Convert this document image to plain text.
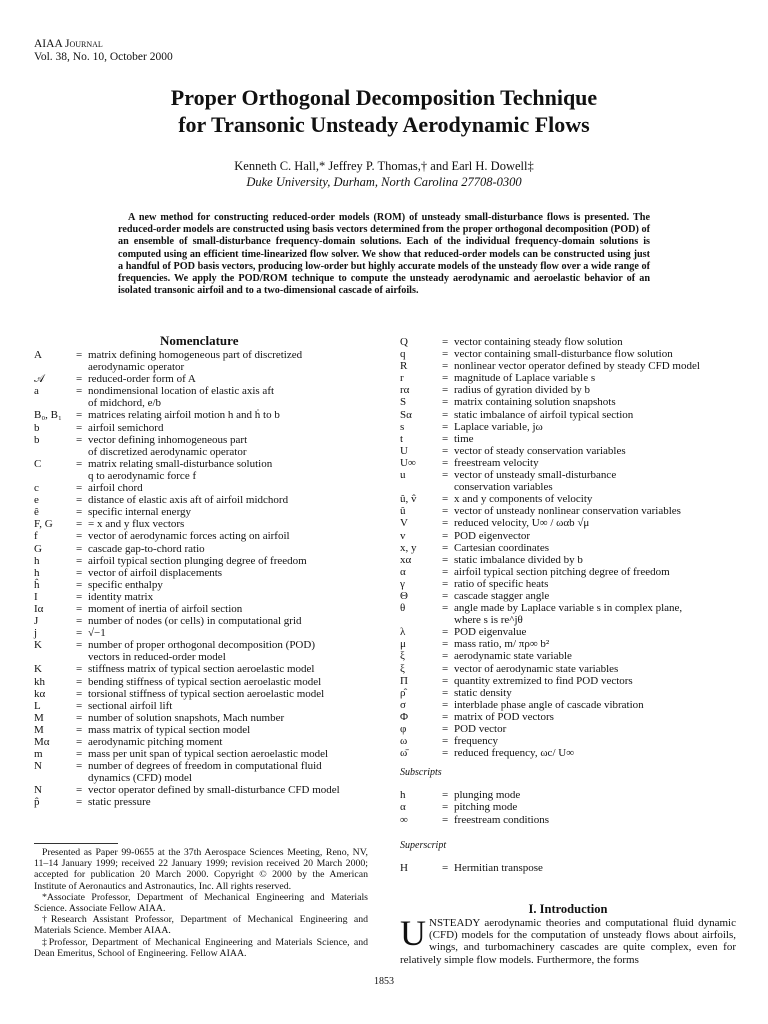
AIAA Journal
Vol. 38, No. 10, October 2000
Proper Orthogonal Decomposition Technique
for Transonic Unsteady Aerodynamic Flows
Kenneth C. Hall,* Jeffrey P. Thomas,† and Earl H. Dowell‡
Duke University, Durham, North Carolina 27708-0300
A new method for constructing reduced-order models (ROM) of unsteady small-disturbance flows is presented. The reduced-order models are constructed using basis vectors determined from the proper orthogonal decomposition (POD) of an ensemble of small-disturbance frequency-domain solutions. Each of the individual frequency-domain solutions is computed using an efficient time-linearized flow solver. We show that reduced-order models can be constructed using just a handful of POD basis vectors, producing low-order but highly accurate models of the unsteady flow over a wide range of frequencies. We apply the POD/ROM technique to compute the unsteady aerodynamic and aeroelastic behavior of an isolated transonic airfoil and to a two-dimensional cascade of airfoils.
Nomenclature
A	= matrix defining homogeneous part of discretized
aerodynamic operator
𝒜	= reduced-order form of A
a	= nondimensional location of elastic axis aft
of midchord, e/b
B₀, B₁	= matrices relating airfoil motion h and ḣ to b
b	= airfoil semichord
b	= vector defining inhomogeneous part
of discretized aerodynamic operator
C	= matrix relating small-disturbance solution
q to aerodynamic force f
c	= airfoil chord
e	= distance of elastic axis aft of airfoil midchord
ê	= specific internal energy
F, G	= = x and y flux vectors
f	= vector of aerodynamic forces acting on airfoil
G	= cascade gap-to-chord ratio
h	= airfoil typical section plunging degree of freedom
h	= vector of airfoil displacements
ĥ	= specific enthalpy
I	= identity matrix
Iα	= moment of inertia of airfoil section
J	= number of nodes (or cells) in computational grid
j	= √−1
K	= number of proper orthogonal decomposition (POD)
vectors in reduced-order model
K	= stiffness matrix of typical section aeroelastic model
kh	= bending stiffness of typical section aeroelastic model
kα	= torsional stiffness of typical section aeroelastic model
L	= sectional airfoil lift
M	= number of solution snapshots, Mach number
M	= mass matrix of typical section model
Mα	= aerodynamic pitching moment
m	= mass per unit span of typical section aeroelastic model
N	= number of degrees of freedom in computational fluid
dynamics (CFD) model
N	= vector operator defined by small-disturbance CFD model
p̂	= static pressure
Q	= vector containing steady flow solution
q	= vector containing small-disturbance flow solution
R	= nonlinear vector operator defined by steady CFD model
r	= magnitude of Laplace variable s
rα	= radius of gyration divided by b
S	= matrix containing solution snapshots
Sα	= static imbalance of airfoil typical section
s	= Laplace variable, jω
t	= time
U	= vector of steady conservation variables
U∞	= freestream velocity
u	= vector of unsteady small-disturbance
conservation variables
û, v̂	= x and y components of velocity
û	= vector of unsteady nonlinear conservation variables
V	= reduced velocity, U∞ / ωαb √μ
v	= POD eigenvector
x, y	= Cartesian coordinates
xα	= static imbalance divided by b
α	= airfoil typical section pitching degree of freedom
γ	= ratio of specific heats
Θ	= cascade stagger angle
θ	= angle made by Laplace variable s in complex plane,
where s is re^jθ
λ	= POD eigenvalue
μ	= mass ratio, m/ πρ∞ b²
ξ	= aerodynamic state variable
ξ	= vector of aerodynamic state variables
Π	= quantity extremized to find POD vectors
ρ̂	= static density
σ	= interblade phase angle of cascade vibration
Φ	= matrix of POD vectors
φ	= POD vector
ω	= frequency
ω̄	= reduced frequency, ωc/ U∞
Subscripts
h	= plunging mode
α	= pitching mode
∞	= freestream conditions
Superscript
H	= Hermitian transpose

Presented as Paper 99-0655 at the 37th Aerospace Sciences Meeting, Reno, NV, 11–14 January 1999; received 22 January 1999; revision received 20 March 2000; accepted for publication 20 March 2000. Copyright © 2000 by the American Institute of Aeronautics and Astronautics, Inc. All rights reserved.

*Associate Professor, Department of Mechanical Engineering and Materials Science. Associate Fellow AIAA.

†Research Assistant Professor, Department of Mechanical Engineering and Materials Science. Member AIAA.

‡Professor, Department of Mechanical Engineering and Materials Science, and Dean Emeritus, School of Engineering. Fellow AIAA.

I. Introduction
UNSTEADY aerodynamic theories and computational fluid dynamic (CFD) models for the computation of unsteady flows about airfoils, wings, and turbomachinery cascades are quite complex, even for relatively simple flow models. Furthermore, the forms
1853
